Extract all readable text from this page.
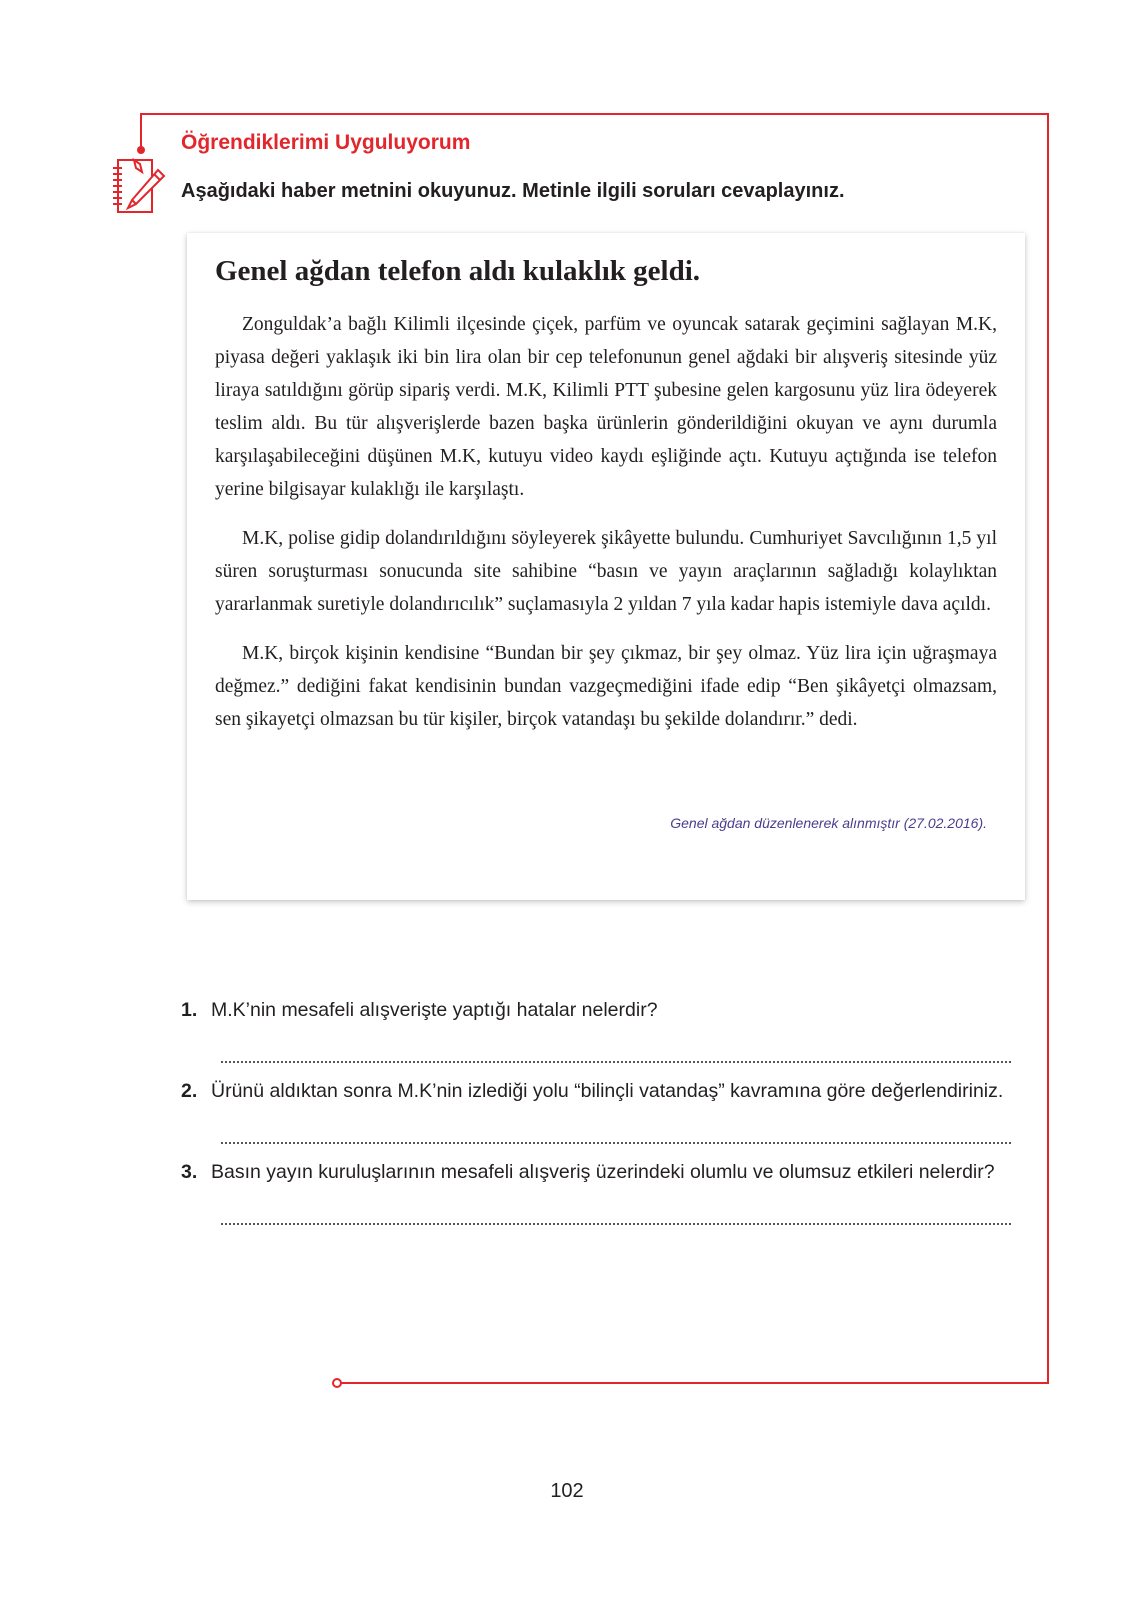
Öğrendiklerimi Uyguluyorum
Aşağıdaki haber metnini okuyunuz. Metinle ilgili soruları cevaplayınız.
Genel ağdan telefon aldı kulaklık geldi.

Zonguldak’a bağlı Kilimli ilçesinde çiçek, parfüm ve oyuncak satarak geçimini sağlayan M.K, piyasa değeri yaklaşık iki bin lira olan bir cep telefonunun genel ağdaki bir alışveriş sitesinde yüz liraya satıldığını görüp sipariş verdi. M.K, Kilimli PTT şubesine gelen kargosunu yüz lira ödeyerek teslim aldı. Bu tür alışverişlerde bazen başka ürünlerin gönderildiğini okuyan ve aynı durumla karşılaşabileceğini düşünen M.K, kutuyu video kaydı eşliğinde açtı. Kutuyu açtığında ise telefon yerine bilgisayar kulaklığı ile karşılaştı.

M.K, polise gidip dolandırıldığını söyleyerek şikâyette bulundu. Cumhuriyet Savcılığının 1,5 yıl süren soruşturması sonucunda site sahibine “basın ve yayın araçlarının sağladığı kolaylıktan yararlanmak suretiyle dolandırıcılık” suçlamasıyla 2 yıldan 7 yıla kadar hapis istemiyle dava açıldı.

M.K, birçok kişinin kendisine “Bundan bir şey çıkmaz, bir şey olmaz. Yüz lira için uğraşmaya değmez.” dediğini fakat kendisinin bundan vazgeçmediğini ifade edip “Ben şikâyetçi olmazsam, sen şikayetçi olmazsan bu tür kişiler, birçok vatandaşı bu şekilde dolandırır.” dedi.

Genel ağdan düzenlenerek alınmıştır (27.02.2016).
1. M.K’nin mesafeli alışverişte yaptığı hatalar nelerdir?
2. Ürünü aldıktan sonra M.K’nin izlediği yolu “bilinçli vatandaş” kavramına göre değerlendiriniz.
3. Basın yayın kuruluşlarının mesafeli alışveriş üzerindeki olumlu ve olumsuz etkileri nelerdir?
102
